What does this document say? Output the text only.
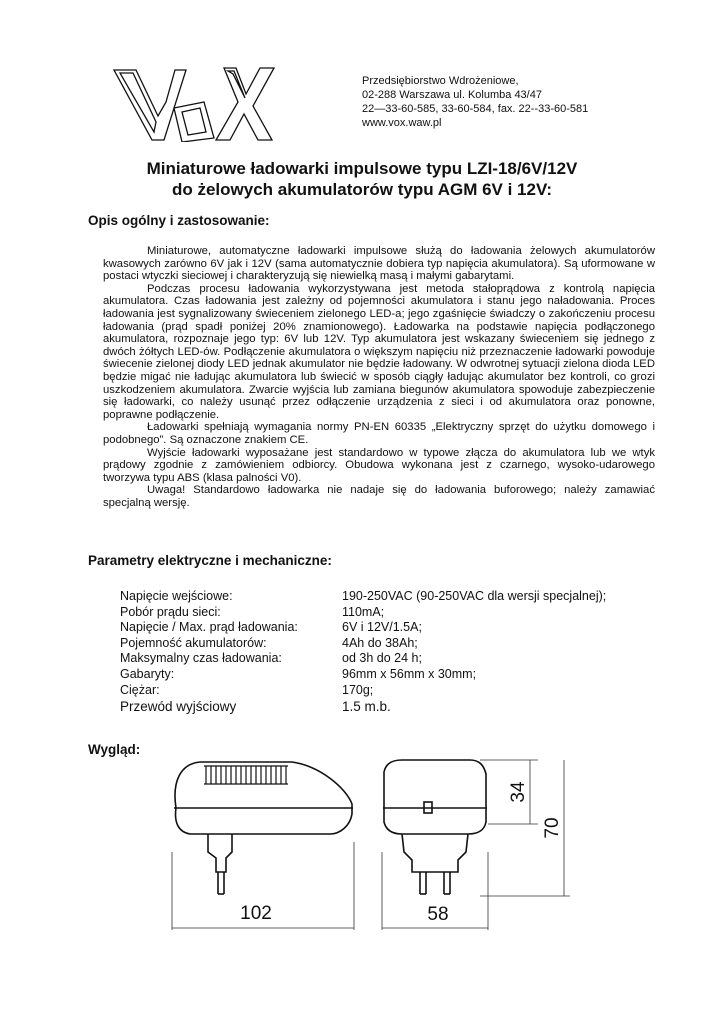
Przedsiębiorstwo Wdrożeniowe,
02-288 Warszawa ul. Kolumba 43/47
22—33-60-585, 33-60-584, fax. 22--33-60-581
www.vox.waw.pl
Miniaturowe ładowarki impulsowe typu LZI-18/6V/12V
do żelowych akumulatorów typu AGM 6V i 12V:
Opis ogólny i zastosowanie:

Miniaturowe, automatyczne ładowarki impulsowe służą do ładowania żelowych akumulatorów kwasowych zarówno 6V jak i 12V (sama automatycznie dobiera typ napięcia akumulatora). Są uformowane w postaci wtyczki sieciowej i charakteryzują się niewielką masą i małymi gabarytami.

Podczas procesu ładowania wykorzystywana jest metoda stałoprądowa z kontrolą napięcia akumulatora. Czas ładowania jest zależny od pojemności akumulatora i stanu jego naładowania. Proces ładowania jest sygnalizowany świeceniem zielonego LED-a; jego zgaśnięcie świadczy o zakończeniu procesu ładowania (prąd spadł poniżej 20% znamionowego). Ładowarka na podstawie napięcia podłączonego akumulatora, rozpoznaje jego typ: 6V lub 12V. Typ akumulatora jest wskazany świeceniem się jednego z dwóch żółtych LED-ów. Podłączenie akumulatora o większym napięciu niż przeznaczenie ładowarki powoduje świecenie zielonej diody LED jednak akumulator nie będzie ładowany. W odwrotnej sytuacji zielona dioda LED będzie migać nie ładując akumulatora lub świecić w sposób ciągły ładując akumulator bez kontroli, co grozi uszkodzeniem akumulatora. Zwarcie wyjścia lub zamiana biegunów akumulatora spowoduje zabezpieczenie się ładowarki, co należy usunąć przez odłączenie urządzenia z sieci i od akumulatora oraz ponowne, poprawne podłączenie.

Ładowarki spełniają wymagania normy PN-EN 60335 „Elektryczny sprzęt do użytku domowego i podobnego”. Są oznaczone znakiem CE.

Wyjście ładowarki wyposażane jest standardowo w typowe złącza do akumulatora lub we wtyk prądowy zgodnie z zamówieniem odbiorcy. Obudowa wykonana jest z czarnego, wysoko-udarowego tworzywa typu ABS (klasa palności V0).

Uwaga! Standardowo ładowarka nie nadaje się do ładowania buforowego; należy zamawiać specjalną wersję.

Parametry elektryczne i mechaniczne:
Napięcie wejściowe:	190-250VAC (90-250VAC dla wersji specjalnej);
Pobór prądu sieci:	110mA;
Napięcie / Max. prąd ładowania:	6V i 12V/1.5A;
Pojemność akumulatorów:	4Ah do 38Ah;
Maksymalny czas ładowania:	od 3h do 24 h;
Gabaryty:	96mm x 56mm x 30mm;
Ciężar:	170g;
Przewód wyjściowy	1.5 m.b.
Wygląd:
102	58
34
70
